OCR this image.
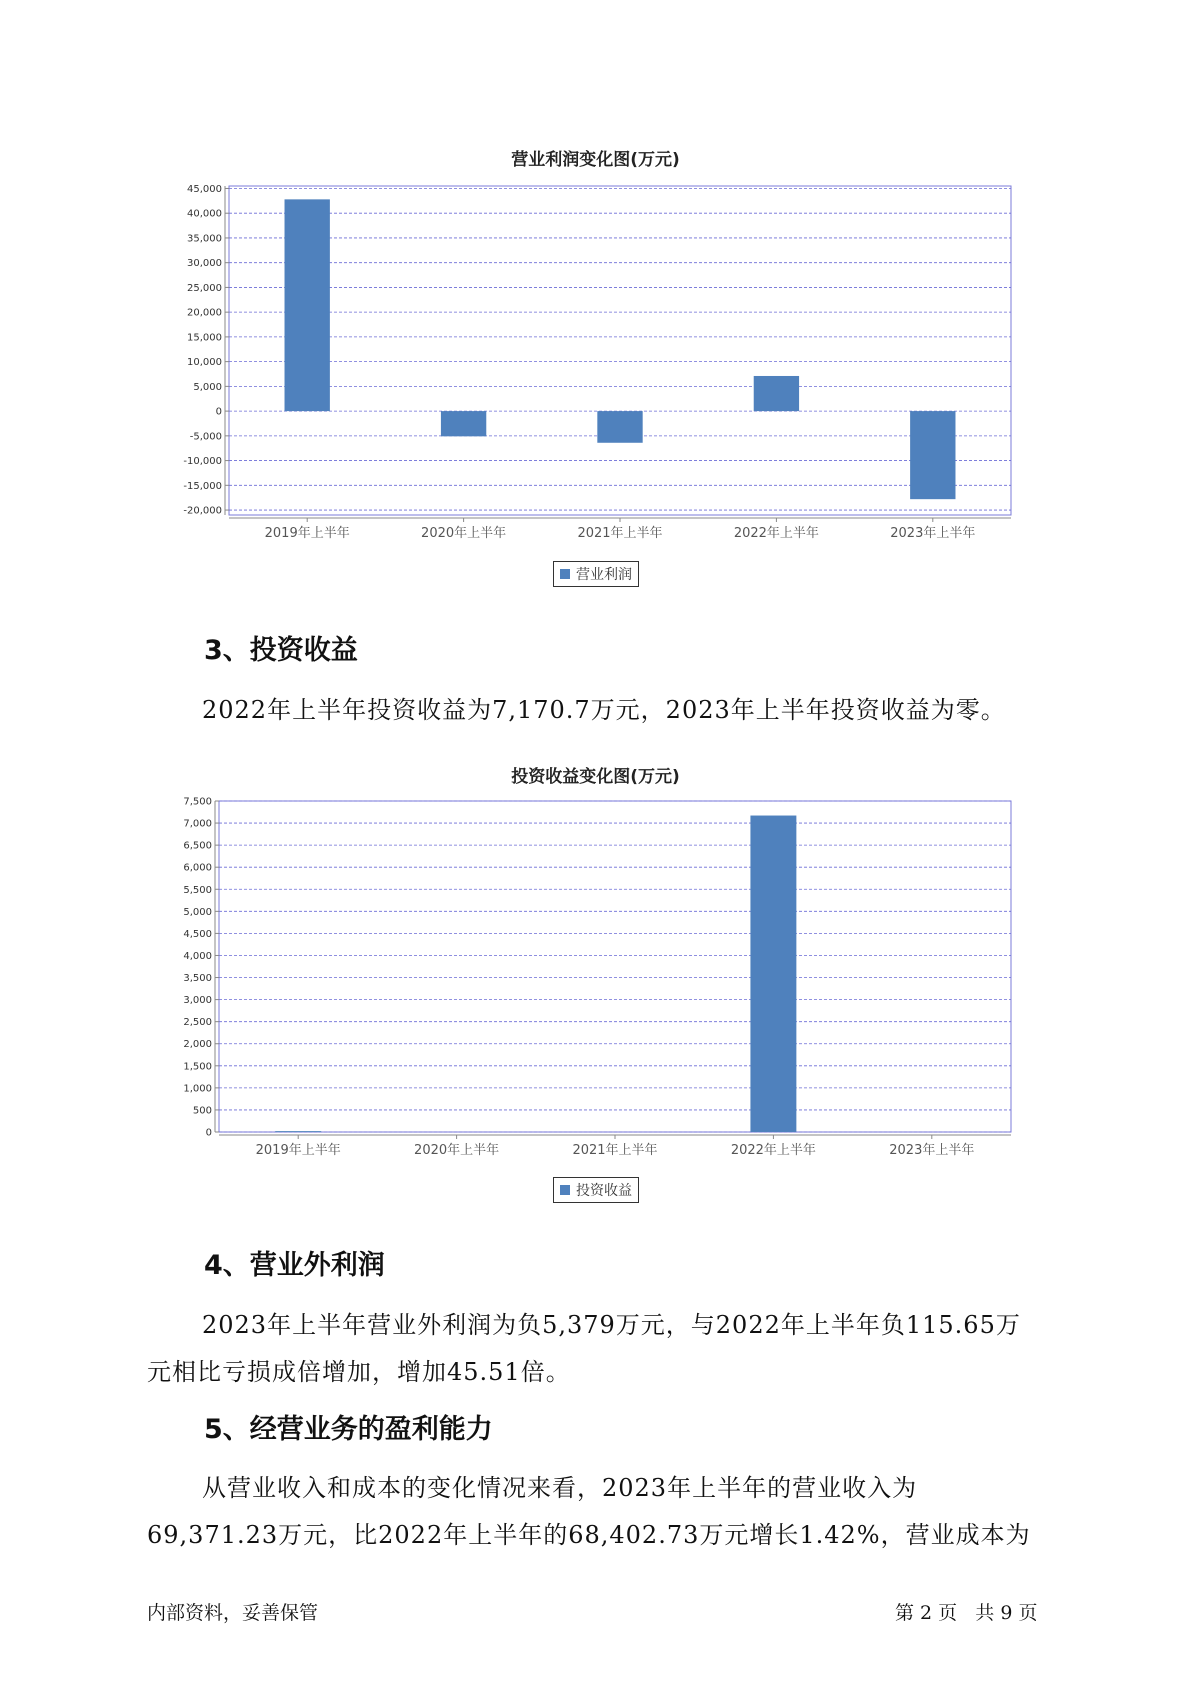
营业利润变化图(万元)
45,000
40,000
35,000
30,000
25,000
20,000
15,000
10,000
5,000
0
-5,000
-10,000
-15,000
-20,000
2019年上半年	2020年上半年	2021年上半年	2022年上半年	2023年上半年
营业利润
3、投资收益
2022年上半年投资收益为7,170.7万元，2023年上半年投资收益为零。
投资收益变化图(万元)
7,500
7,000
6,500
6,000
5,500
5,000
4,500
4,000
3,500
3,000
2,500
2,000
1,500
1,000
500
0
2019年上半年	2020年上半年	2021年上半年	2022年上半年	2023年上半年
投资收益
4、营业外利润
2023年上半年营业外利润为负5,379万元，与2022年上半年负115.65万
元相比亏损成倍增加，增加45.51倍。
5、经营业务的盈利能力
从营业收入和成本的变化情况来看，2023年上半年的营业收入为
69,371.23万元，比2022年上半年的68,402.73万元增长1.42%，营业成本为
内部资料，妥善保管	第 2 页   共 9 页
